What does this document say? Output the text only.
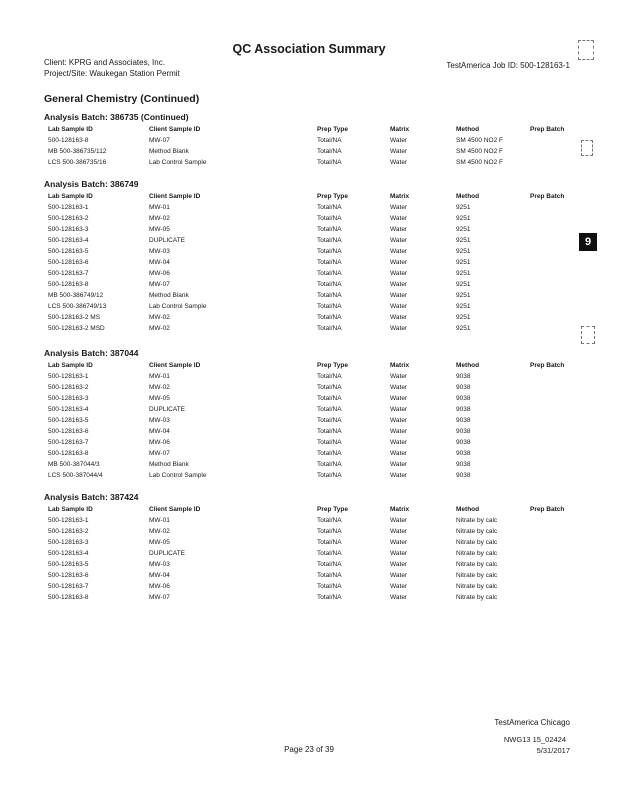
QC Association Summary
Client: KPRG and Associates, Inc.
Project/Site: Waukegan Station Permit
TestAmerica Job ID: 500-128163-1
General Chemistry (Continued)
Analysis Batch: 386735 (Continued)
Lab Sample ID	Client Sample ID	Prep Type	Matrix	Method	Prep Batch
500-128163-8	MW-07	Total/NA	Water	SM 4500 NO2 F
MB 500-386735/112	Method Blank	Total/NA	Water	SM 4500 NO2 F
LCS 500-386735/16	Lab Control Sample	Total/NA	Water	SM 4500 NO2 F
Analysis Batch: 386749
Lab Sample ID	Client Sample ID	Prep Type	Matrix	Method	Prep Batch
500-128163-1	MW-01	Total/NA	Water	9251
500-128163-2	MW-02	Total/NA	Water	9251
500-128163-3	MW-05	Total/NA	Water	9251
500-128163-4	DUPLICATE	Total/NA	Water	9251
500-128163-5	MW-03	Total/NA	Water	9251
500-128163-6	MW-04	Total/NA	Water	9251
500-128163-7	MW-06	Total/NA	Water	9251
500-128163-8	MW-07	Total/NA	Water	9251
MB 500-386749/12	Method Blank	Total/NA	Water	9251
LCS 500-386749/13	Lab Control Sample	Total/NA	Water	9251
500-128163-2 MS	MW-02	Total/NA	Water	9251
500-128163-2 MSD	MW-02	Total/NA	Water	9251
Analysis Batch: 387044
Lab Sample ID	Client Sample ID	Prep Type	Matrix	Method	Prep Batch
500-128163-1	MW-01	Total/NA	Water	9038
500-128163-2	MW-02	Total/NA	Water	9038
500-128163-3	MW-05	Total/NA	Water	9038
500-128163-4	DUPLICATE	Total/NA	Water	9038
500-128163-5	MW-03	Total/NA	Water	9038
500-128163-6	MW-04	Total/NA	Water	9038
500-128163-7	MW-06	Total/NA	Water	9038
500-128163-8	MW-07	Total/NA	Water	9038
MB 500-387044/3	Method Blank	Total/NA	Water	9038
LCS 500-387044/4	Lab Control Sample	Total/NA	Water	9038
Analysis Batch: 387424
Lab Sample ID	Client Sample ID	Prep Type	Matrix	Method	Prep Batch
500-128163-1	MW-01	Total/NA	Water	Nitrate by calc
500-128163-2	MW-02	Total/NA	Water	Nitrate by calc
500-128163-3	MW-05	Total/NA	Water	Nitrate by calc
500-128163-4	DUPLICATE	Total/NA	Water	Nitrate by calc
500-128163-5	MW-03	Total/NA	Water	Nitrate by calc
500-128163-6	MW-04	Total/NA	Water	Nitrate by calc
500-128163-7	MW-06	Total/NA	Water	Nitrate by calc
500-128163-8	MW-07	Total/NA	Water	Nitrate by calc
9
TestAmerica Chicago
Page 23 of 39
NWG13 15_02424
5/31/2017
